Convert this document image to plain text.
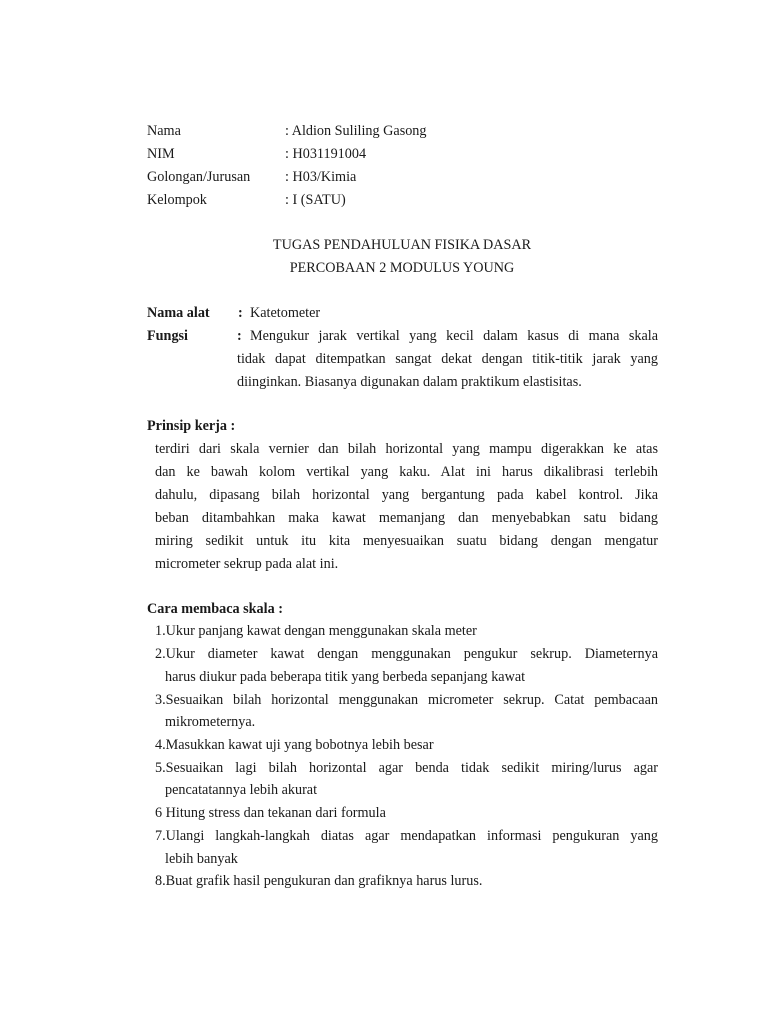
Nama	: Aldion Suliling Gasong
NIM	: H031191004
Golongan/Jurusan : H03/Kimia
Kelompok	: I (SATU)
TUGAS PENDAHULUAN FISIKA DASAR
PERCOBAAN 2 MODULUS YOUNG
Nama alat : Katetometer
Fungsi	: Mengukur jarak vertikal yang kecil dalam kasus di mana skala
tidak dapat ditempatkan sangat dekat dengan titik-titik jarak yang
diinginkan. Biasanya digunakan dalam praktikum elastisitas.
Prinsip kerja :
terdiri dari skala vernier dan bilah horizontal yang mampu digerakkan ke atas
dan ke bawah kolom vertikal yang kaku. Alat ini harus dikalibrasi terlebih
dahulu, dipasang bilah horizontal yang bergantung pada kabel kontrol. Jika
beban ditambahkan maka kawat memanjang dan menyebabkan satu bidang
miring sedikit untuk itu kita menyesuaikan suatu bidang dengan mengatur
micrometer sekrup pada alat ini.
Cara membaca skala :
1.Ukur panjang kawat dengan menggunakan skala meter
2.Ukur diameter kawat dengan menggunakan pengukur sekrup. Diameternya
harus diukur pada beberapa titik yang berbeda sepanjang kawat
3.Sesuaikan bilah horizontal menggunakan micrometer sekrup. Catat pembacaan
mikrometernya.
4.Masukkan kawat uji yang bobotnya lebih besar
5.Sesuaikan lagi bilah horizontal agar benda tidak sedikit miring/lurus agar
pencatatannya lebih akurat
6 Hitung stress dan tekanan dari formula
7.Ulangi langkah-langkah diatas agar mendapatkan informasi pengukuran yang
lebih banyak
8.Buat grafik hasil pengukuran dan grafiknya harus lurus.
